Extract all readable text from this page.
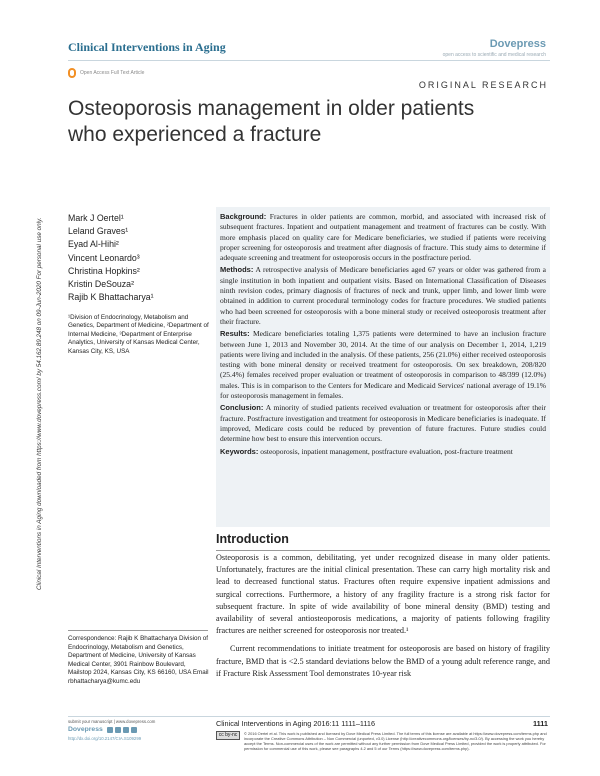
Clinical Interventions in Aging	Dovepress
open access to scientific and medical research
Open Access Full Text Article
ORIGINAL RESEARCH
Osteoporosis management in older patients who experienced a fracture
Clinical Interventions in Aging downloaded from https://www.dovepress.com/ by 54.162.89.248 on 09-Jun-2020 For personal use only.	Mark J Oertel¹
Leland Graves¹
Eyad Al-Hihi²
Vincent Leonardo³
Christina Hopkins²
Kristin DeSouza²
Rajib K Bhattacharya¹
¹Division of Endocrinology, Metabolism and Genetics, Department of Medicine, ²Department of Internal Medicine, ³Department of Enterprise Analytics, University of Kansas Medical Center, Kansas City, KS, USA

Background: Fractures in older patients are common, morbid, and associated with increased risk of subsequent fractures. Inpatient and outpatient management and treatment of fractures can be costly. With more emphasis placed on quality care for Medicare beneficiaries, we studied if patients were receiving proper screening for osteoporosis and treatment after diagnosis of fracture. This study aims to determine if adequate screening and treatment for osteoporosis occurs in the postfracture period.

Methods: A retrospective analysis of Medicare beneficiaries aged 67 years or older was gathered from a single institution in both inpatient and outpatient visits. Based on International Classification of Diseases ninth revision codes, primary diagnosis of fractures of neck and trunk, upper limb, and lower limb were obtained in addition to current procedural terminology codes for fracture procedures. We studied patients who had been screened for osteoporosis with a bone mineral study or received osteoporosis treatment after their fracture.

Results: Medicare beneficiaries totaling 1,375 patients were determined to have an inclusion fracture between June 1, 2013 and November 30, 2014. At the time of our analysis on December 1, 2014, 1,219 patients were living and included in the analysis. Of these patients, 256 (21.0%) either received osteoporosis testing with bone mineral density or received treatment for osteoporosis. On sex breakdown, 208/820 (25.4%) females received proper evaluation or treatment of osteoporosis in comparison to 48/399 (12.0%) males. This is in comparison to the Centers for Medicare and Medicaid Services' national average of 19.1% for osteoporosis management in females.

Conclusion: A minority of studied patients received evaluation or treatment for osteoporosis after their fracture. Postfracture investigation and treatment for osteoporosis in Medicare beneficiaries is inadequate. If improved, Medicare costs could be reduced by prevention of future fractures. Future studies could determine how best to ensure this intervention occurs.

Keywords: osteoporosis, inpatient management, postfracture evaluation, post-fracture treatment

Introduction

Osteoporosis is a common, debilitating, yet under recognized disease in many older patients. Unfortunately, fractures are the initial clinical presentation. These can carry high mortality risk and lead to decreased functional status. Fractures often require expensive inpatient admissions and surgical corrections. Furthermore, a history of any fragility fracture is a strong risk factor for subsequent fracture. In spite of wide availability of bone mineral density (BMD) testing and availability of several antiosteoporosis medications, a majority of patients following fragility fractures are neither screened for osteoporosis nor treated.¹

Current recommendations to initiate treatment for osteoporosis are based on history of fragility fracture, BMD that is <2.5 standard deviations below the BMD of a young adult reference range, and if Fracture Risk Assessment Tool demonstrates 10-year risk

Correspondence: Rajib K Bhattacharya Division of Endocrinology, Metabolism and Genetics, Department of Medicine, University of Kansas Medical Center, 3901 Rainbow Boulevard, Mailstop 2024, Kansas City, KS 66160, USA Email rbhattacharya@kumc.edu
submit your manuscript | www.dovepress.com
Dovepress
http://dx.doi.org/10.2147/CIA.S109299
Clinical Interventions in Aging 2016:11 1111–1116	1111
cc by-nc	© 2016 Oertel et al. This work is published and licensed by Dove Medical Press Limited. The full terms of this license are available at https://www.dovepress.com/terms.php and incorporate the Creative Commons Attribution – Non Commercial (unported, v3.0) License (http://creativecommons.org/licenses/by-nc/3.0/). By accessing the work you hereby accept the Terms. Non-commercial uses of the work are permitted without any further permission from Dove Medical Press Limited, provided the work is properly attributed. For permission for commercial use of this work, please see paragraphs 4.2 and 5 of our Terms (https://www.dovepress.com/terms.php).
